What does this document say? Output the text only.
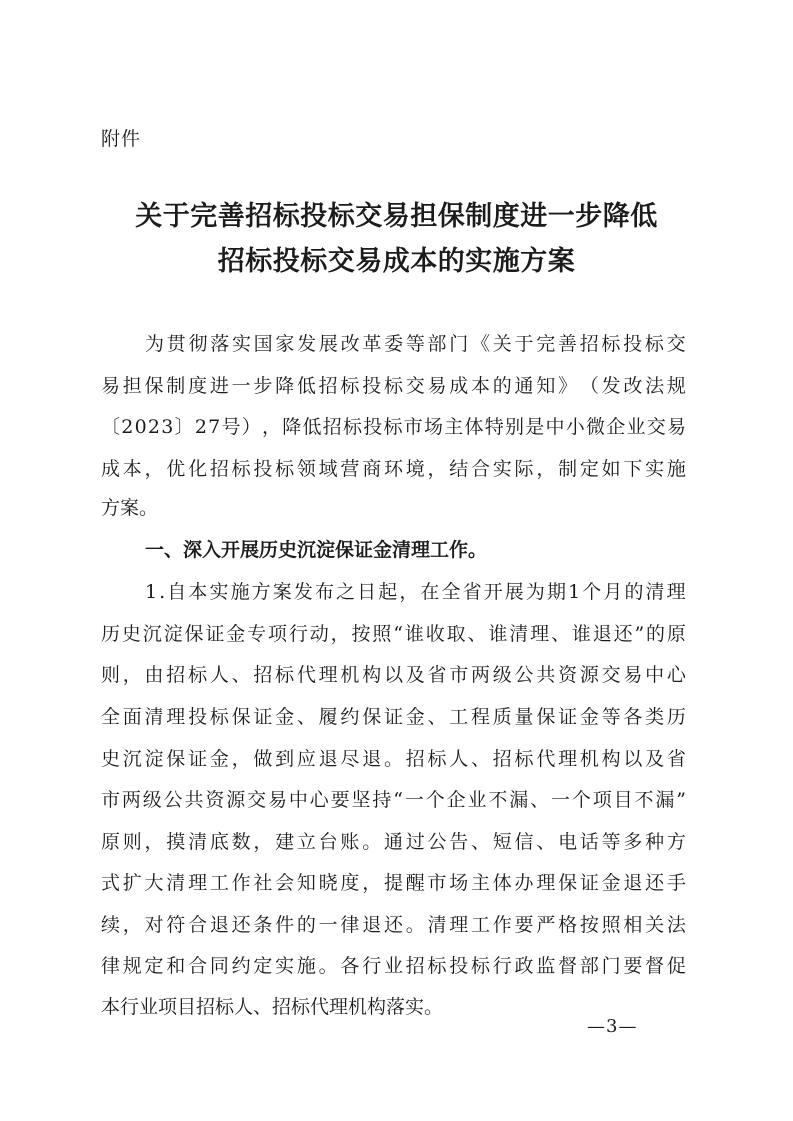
附件
关于完善招标投标交易担保制度进一步降低
招标投标交易成本的实施方案
为 贯 彻 落 实 国 家 发 展 改 革 委 等 部 门 《 关 于 完 善 招 标 投 标 交
易 担 保 制 度 进 一 步 降 低 招 标 投 标 交 易 成 本 的 通 知 》 （ 发 改 法 规
〔 2 0 2 3 〕 2 7 号 ） ， 降 低 招 标 投 标 市 场 主 体 特 别 是 中 小 微 企 业 交 易
成 本 ， 优 化 招 标 投 标 领 域 营 商 环 境 ， 结 合 实 际 ， 制 定 如 下 实 施
方案。
一、深入开展历史沉淀保证金清理工作。
1 . 自 本 实 施 方 案 发 布 之 日 起 ， 在 全 省 开 展 为 期 1 个 月 的 清 理
历 史 沉 淀 保 证 金 专 项 行 动 ， 按 照 “ 谁 收 取 、 谁 清 理 、 谁 退 还 ” 的 原
则 ， 由 招 标 人 、 招 标 代 理 机 构 以 及 省 市 两 级 公 共 资 源 交 易 中 心
全 面 清 理 投 标 保 证 金 、 履 约 保 证 金 、 工 程 质 量 保 证 金 等 各 类 历
史 沉 淀 保 证 金 ， 做 到 应 退 尽 退 。 招 标 人 、 招 标 代 理 机 构 以 及 省
市 两 级 公 共 资 源 交 易 中 心 要 坚 持 “ 一 个 企 业 不 漏 、 一 个 项 目 不 漏 ”
原 则 ， 摸 清 底 数 ， 建 立 台 账 。 通 过 公 告 、 短 信 、 电 话 等 多 种 方
式 扩 大 清 理 工 作 社 会 知 晓 度 ， 提 醒 市 场 主 体 办 理 保 证 金 退 还 手
续 ， 对 符 合 退 还 条 件 的 一 律 退 还 。 清 理 工 作 要 严 格 按 照 相 关 法
律 规 定 和 合 同 约 定 实 施 。 各 行 业 招 标 投 标 行 政 监 督 部 门 要 督 促
本行业项目招标人、招标代理机构落实。
—3—
